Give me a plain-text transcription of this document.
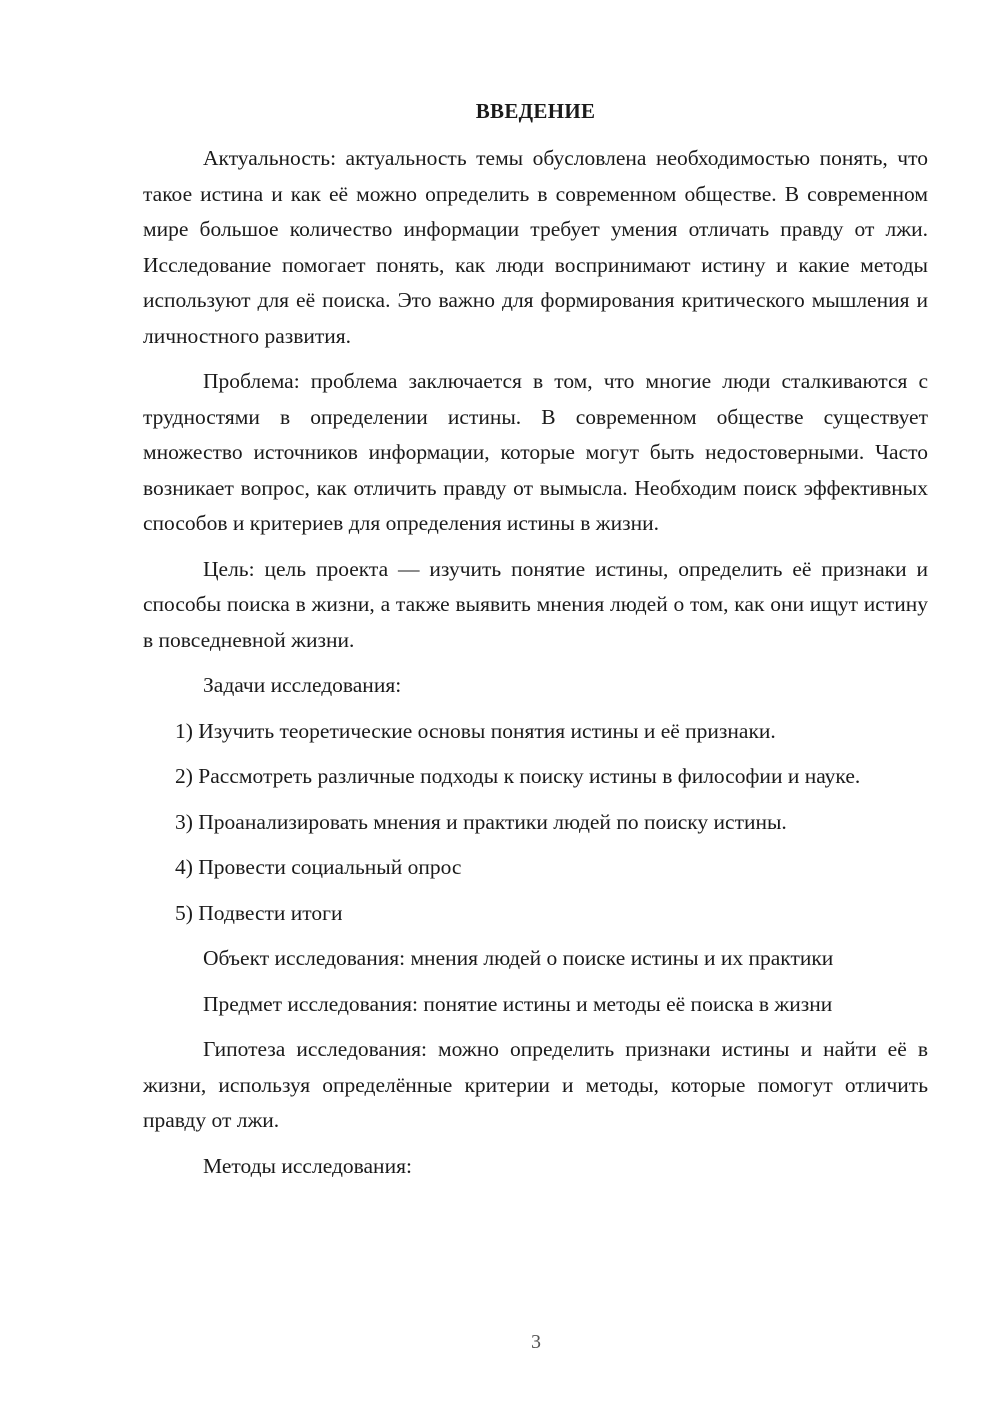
ВВЕДЕНИЕ

Актуальность: актуальность темы обусловлена необходимостью понять, что такое истина и как её можно определить в современном обществе. В современном мире большое количество информации требует умения отличать правду от лжи. Исследование помогает понять, как люди воспринимают истину и какие методы используют для её поиска. Это важно для формирования критического мышления и личностного развития.

Проблема: проблема заключается в том, что многие люди сталкиваются с трудностями в определении истины. В современном обществе существует множество источников информации, которые могут быть недостоверными. Часто возникает вопрос, как отличить правду от вымысла. Необходим поиск эффективных способов и критериев для определения истины в жизни.

Цель: цель проекта — изучить понятие истины, определить её признаки и способы поиска в жизни, а также выявить мнения людей о том, как они ищут истину в повседневной жизни.

Задачи исследования:

1) Изучить теоретические основы понятия истины и её признаки.

2) Рассмотреть различные подходы к поиску истины в философии и науке.

3) Проанализировать мнения и практики людей по поиску истины.

4) Провести социальный опрос

5) Подвести итоги

Объект исследования: мнения людей о поиске истины и их практики

Предмет исследования: понятие истины и методы её поиска в жизни

Гипотеза исследования: можно определить признаки истины и найти её в жизни, используя определённые критерии и методы, которые помогут отличить правду от лжи.

Методы исследования:

3
